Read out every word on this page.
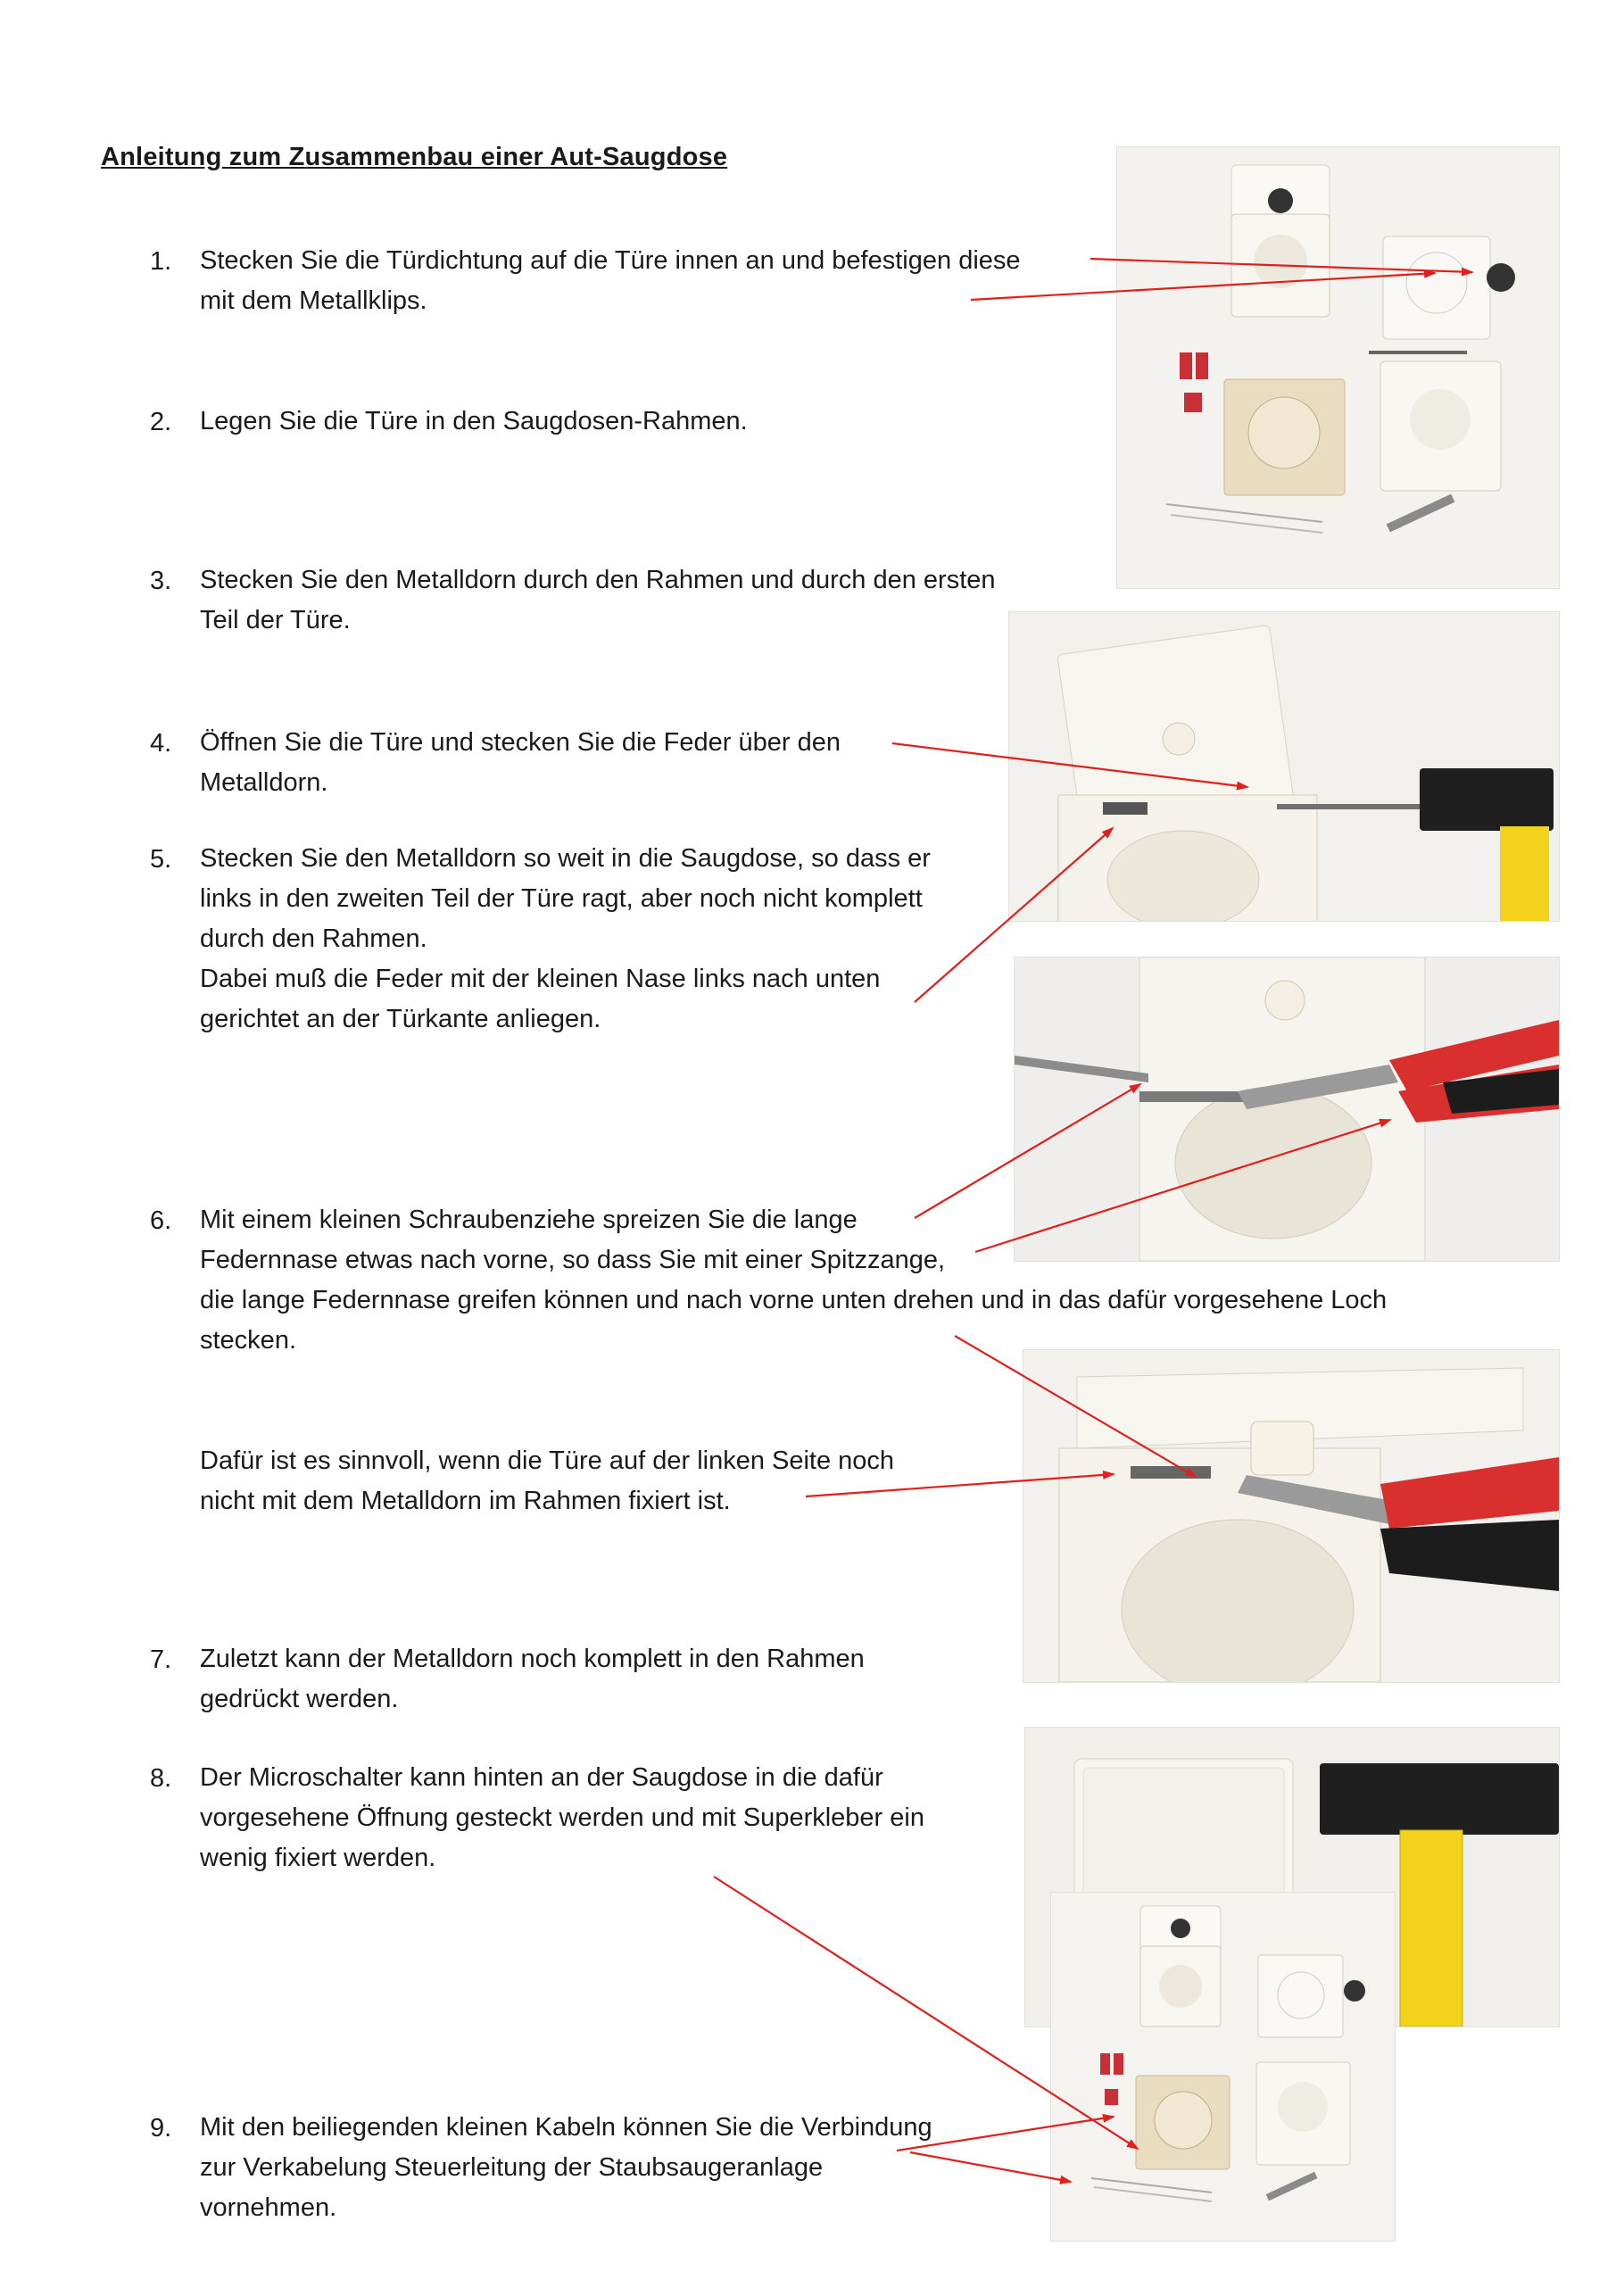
Anleitung zum Zusammenbau einer Aut-Saugdose
1. Stecken Sie die Türdichtung auf die Türe innen an und befestigen diese
mit dem Metallklips.
2. Legen Sie die Türe in den Saugdosen-Rahmen.
3. Stecken Sie den Metalldorn durch den Rahmen und durch den ersten
Teil der Türe.
4. Öffnen Sie die Türe und stecken Sie die Feder über den
Metalldorn.
5. Stecken Sie den Metalldorn so weit in die Saugdose, so dass er
links in den zweiten Teil der Türe ragt, aber noch nicht komplett
durch den Rahmen.
Dabei muß die Feder mit der kleinen Nase links nach unten
gerichtet an der Türkante anliegen.
6. Mit einem kleinen Schraubenziehe spreizen Sie die lange
Federnnase etwas nach vorne, so dass Sie mit einer Spitzzange,
die lange Federnnase greifen können und nach vorne unten drehen und in das dafür vorgesehene Loch
stecken.
Dafür ist es sinnvoll, wenn die Türe auf der linken Seite noch
nicht mit dem Metalldorn im Rahmen fixiert ist.
7. Zuletzt kann der Metalldorn noch komplett in den Rahmen
gedrückt werden.
8. Der Microschalter kann hinten an der Saugdose in die dafür
vorgesehene Öffnung gesteckt werden und mit Superkleber ein
wenig fixiert werden.
9. Mit den beiliegenden kleinen Kabeln können Sie die Verbindung
zur Verkabelung Steuerleitung der Staubsaugeranlage
vornehmen.
